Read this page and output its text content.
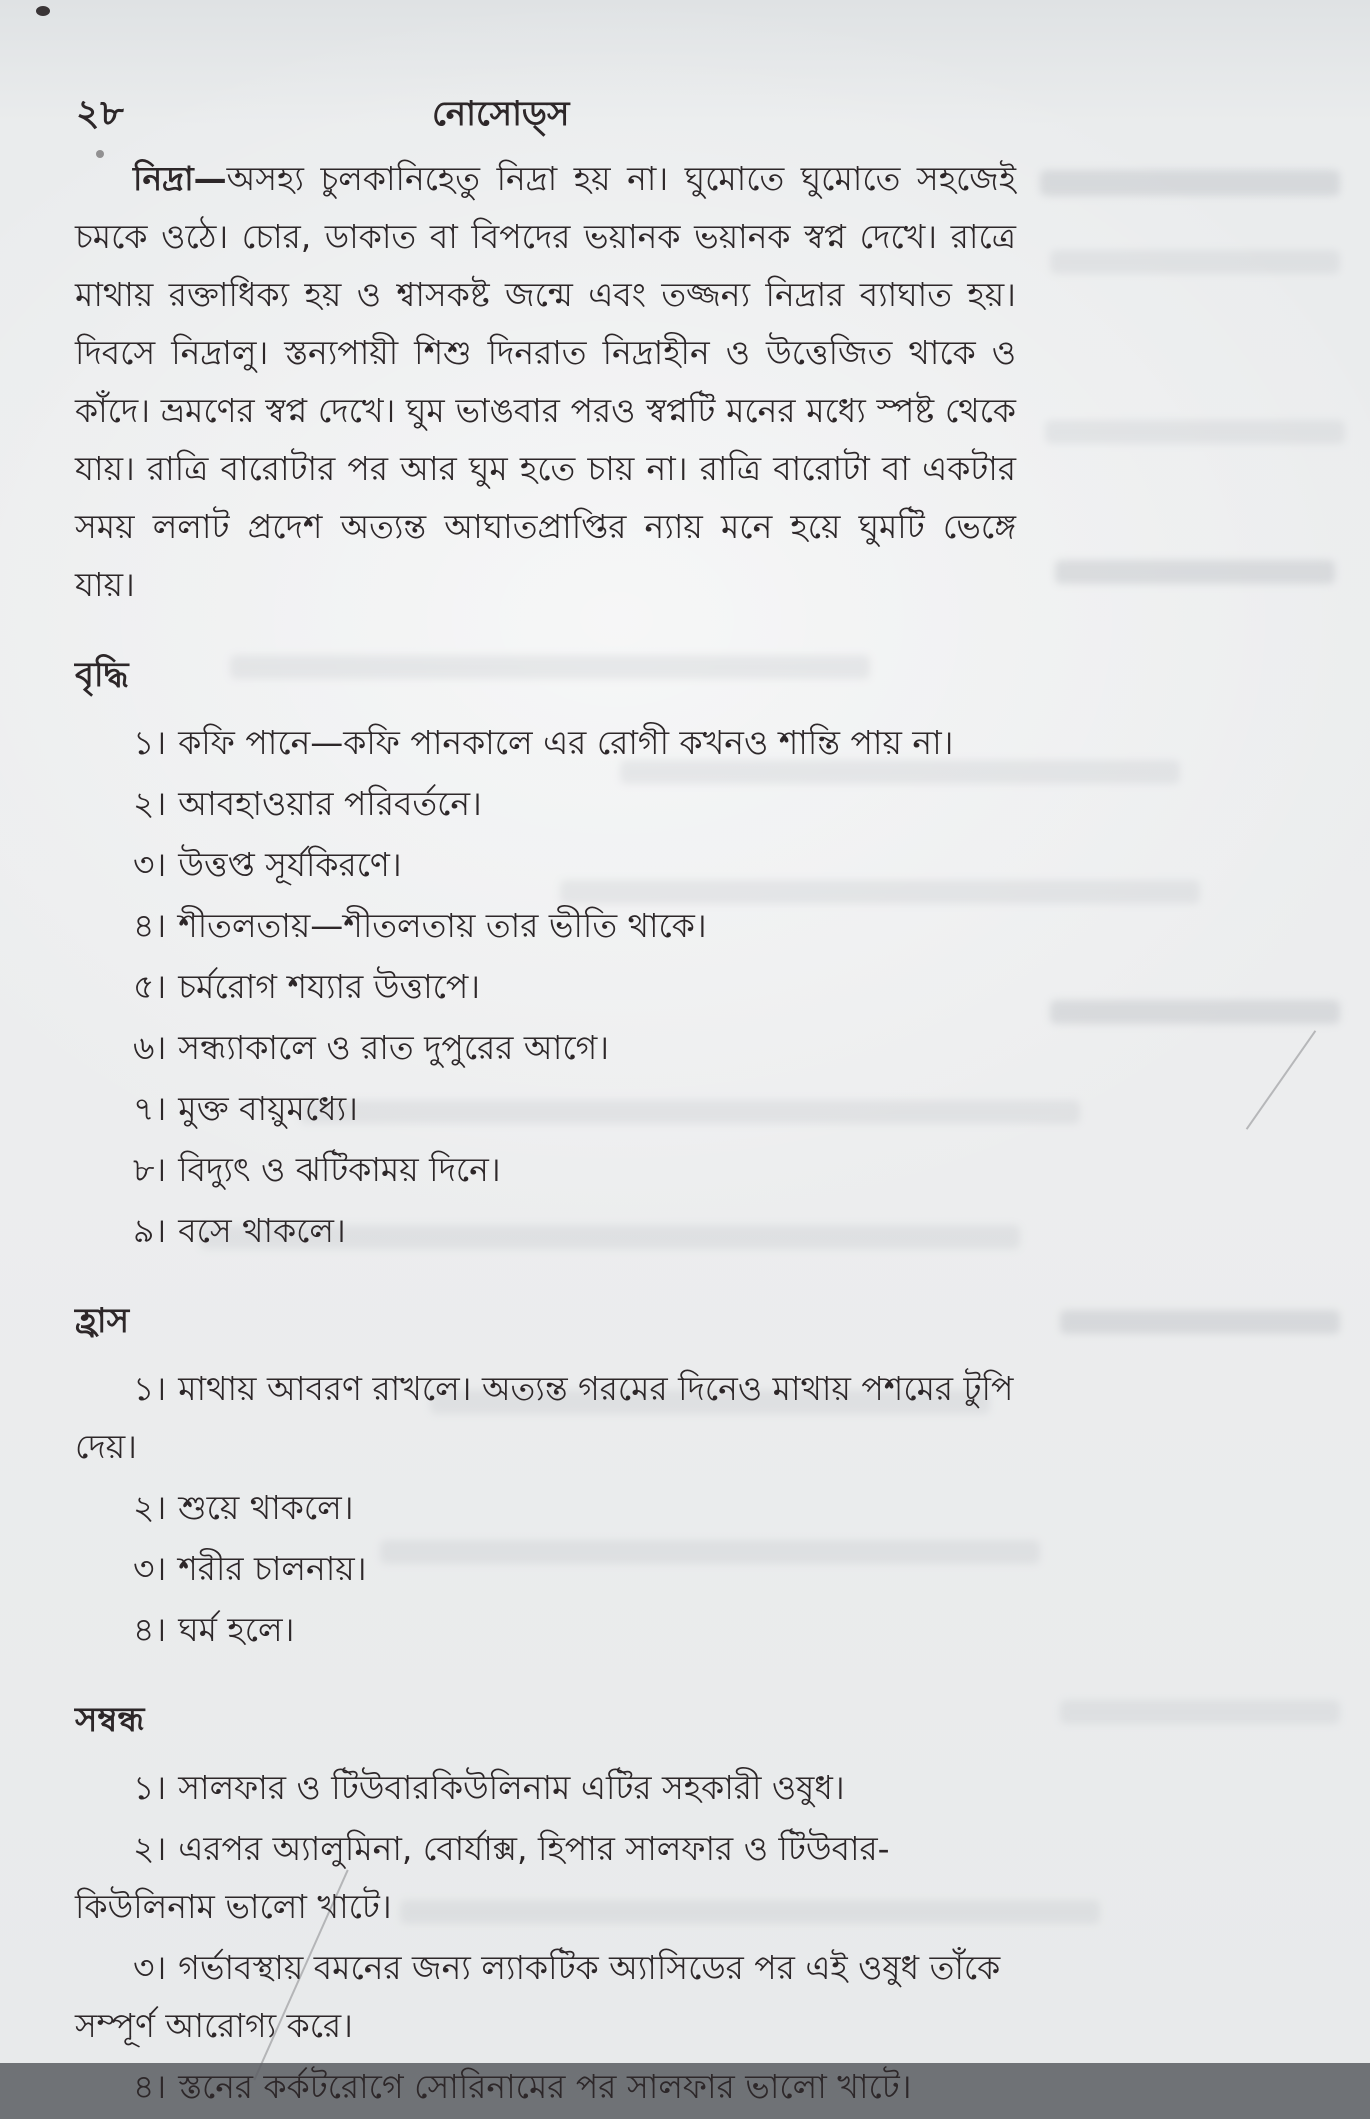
২৮	নোসোড্স

নিদ্রা—অসহ্য চুলকানিহেতু নিদ্রা হয় না। ঘুমোতে ঘুমোতে সহজেই চমকে ওঠে। চোর, ডাকাত বা বিপদের ভয়ানক ভয়ানক স্বপ্ন দেখে। রাত্রে মাথায় রক্তাধিক্য হয় ও শ্বাসকষ্ট জন্মে এবং তজ্জন্য নিদ্রার ব্যাঘাত হয়। দিবসে নিদ্রালু। স্তন্যপায়ী শিশু দিনরাত নিদ্রাহীন ও উত্তেজিত থাকে ও কাঁদে। ভ্রমণের স্বপ্ন দেখে। ঘুম ভাঙবার পরও স্বপ্নটি মনের মধ্যে স্পষ্ট থেকে যায়। রাত্রি বারোটার পর আর ঘুম হতে চায় না। রাত্রি বারোটা বা একটার সময় ললাট প্রদেশ অত্যন্ত আঘাতপ্রাপ্তির ন্যায় মনে হয়ে ঘুমটি ভেঙ্গে যায়।

বৃদ্ধি
১। কফি পানে—কফি পানকালে এর রোগী কখনও শান্তি পায় না।
২। আবহাওয়ার পরিবর্তনে।
৩। উত্তপ্ত সূর্যকিরণে।
৪। শীতলতায়—শীতলতায় তার ভীতি থাকে।
৫। চর্মরোগ শয্যার উত্তাপে।
৬। সন্ধ্যাকালে ও রাত দুপুরের আগে।
৭। মুক্ত বায়ুমধ্যে।
৮। বিদ্যুৎ ও ঝটিকাময় দিনে।
৯। বসে থাকলে।
হ্রাস
১। মাথায় আবরণ রাখলে। অত্যন্ত গরমের দিনেও মাথায় পশমের টুপি দেয়।
২। শুয়ে থাকলে।
৩। শরীর চালনায়।
৪। ঘর্ম হলে।
সম্বন্ধ
১। সালফার ও টিউবারকিউলিনাম এটির সহকারী ওষুধ।
২। এরপর অ্যালুমিনা, বোর্যাক্স, হিপার সালফার ও টিউবার-কিউলিনাম ভালো খাটে।
৩। গর্ভাবস্থায় বমনের জন্য ল্যাকটিক অ্যাসিডের পর এই ওষুধ তাঁকে সম্পূর্ণ আরোগ্য করে।
৪। স্তনের কর্কটরোগে সোরিনামের পর সালফার ভালো খাটে।
